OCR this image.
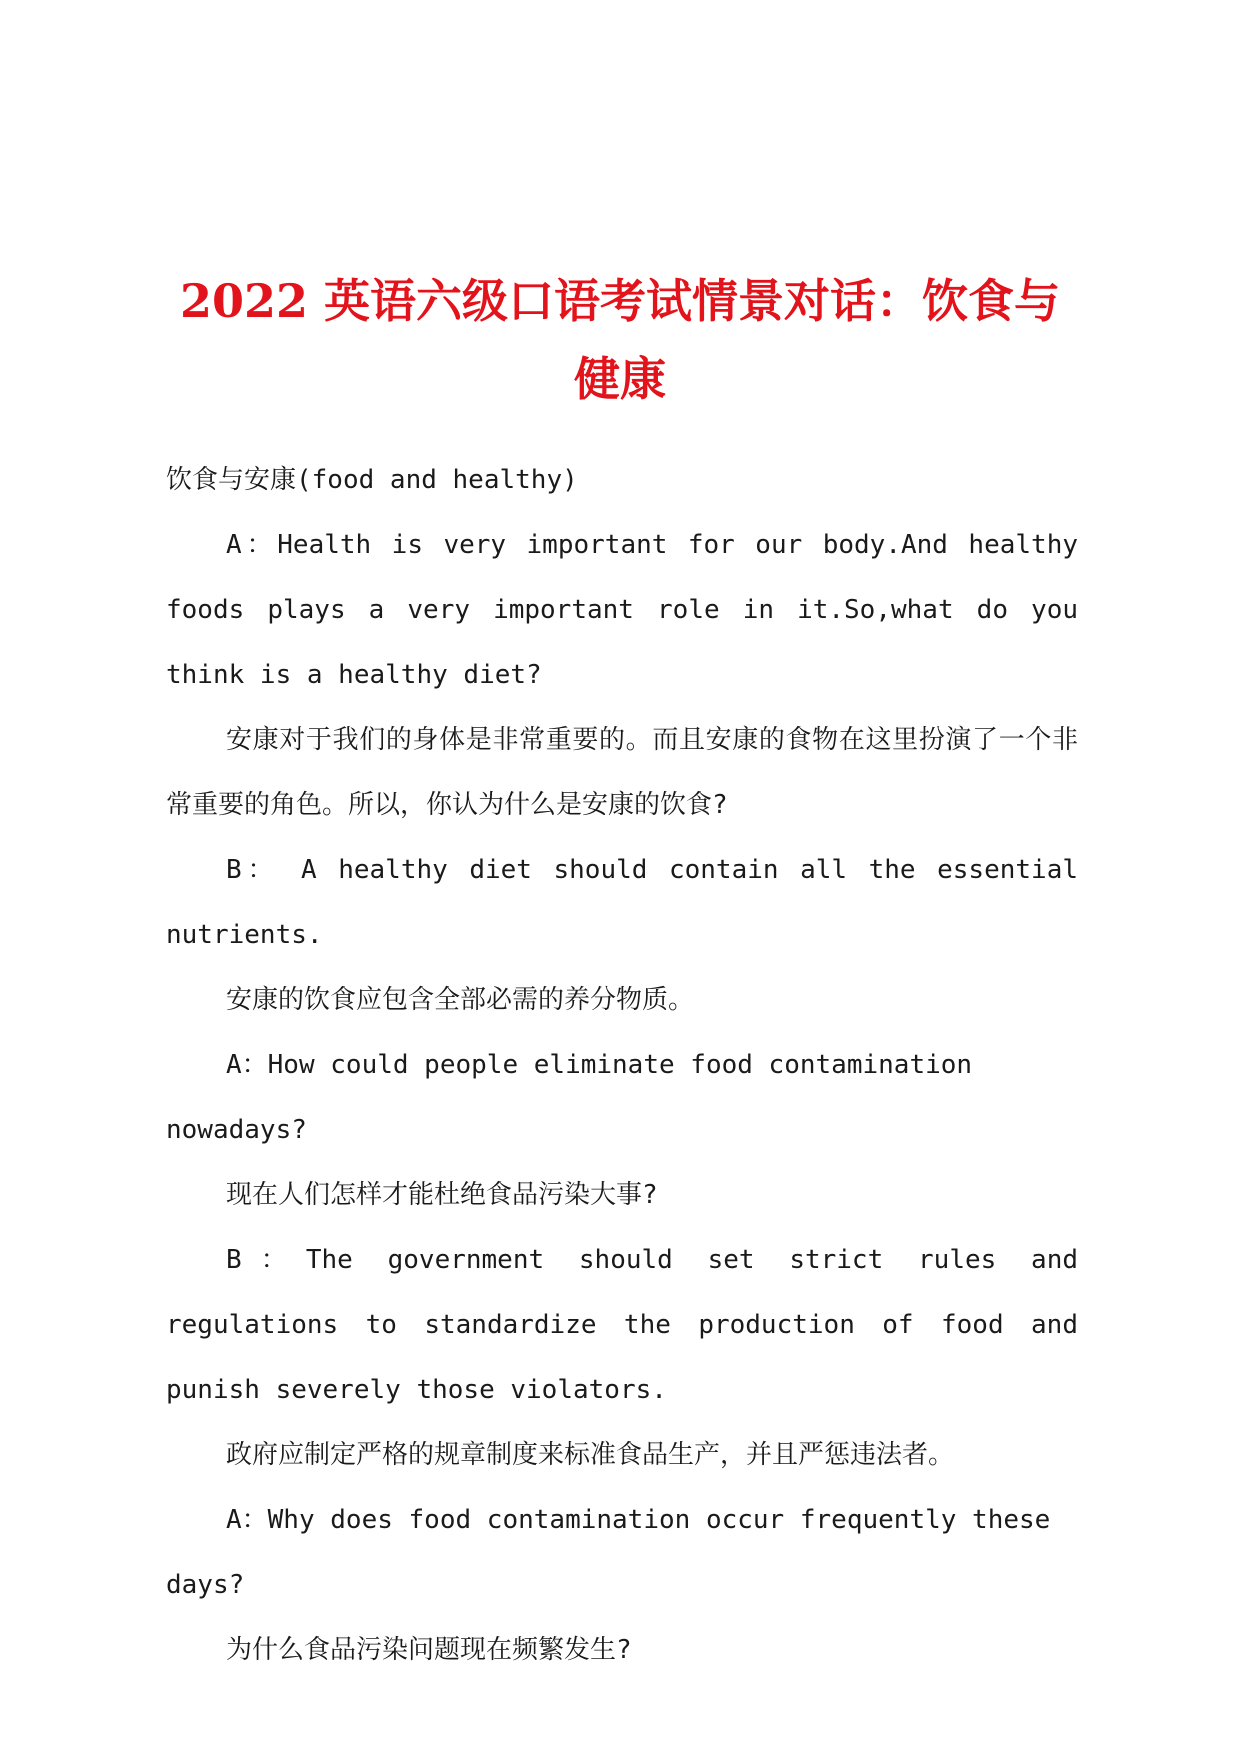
2022 英语六级口语考试情景对话：饮食与健康

饮食与安康(food and healthy)

A：Health is very important for our body.And healthy foods plays a very important role in it.So,what do you think is a healthy diet?

安康对于我们的身体是非常重要的。而且安康的食物在这里扮演了一个非常重要的角色。所以，你认为什么是安康的饮食?

B： A healthy diet should contain all the essential nutrients.

安康的饮食应包含全部必需的养分物质。

A：How could people eliminate food contamination nowadays?

现在人们怎样才能杜绝食品污染大事?

B：The government should set strict rules and regulations to standardize the production of food and punish severely those violators.

政府应制定严格的规章制度来标准食品生产，并且严惩违法者。

A：Why does food contamination occur frequently these days?

为什么食品污染问题现在频繁发生?
